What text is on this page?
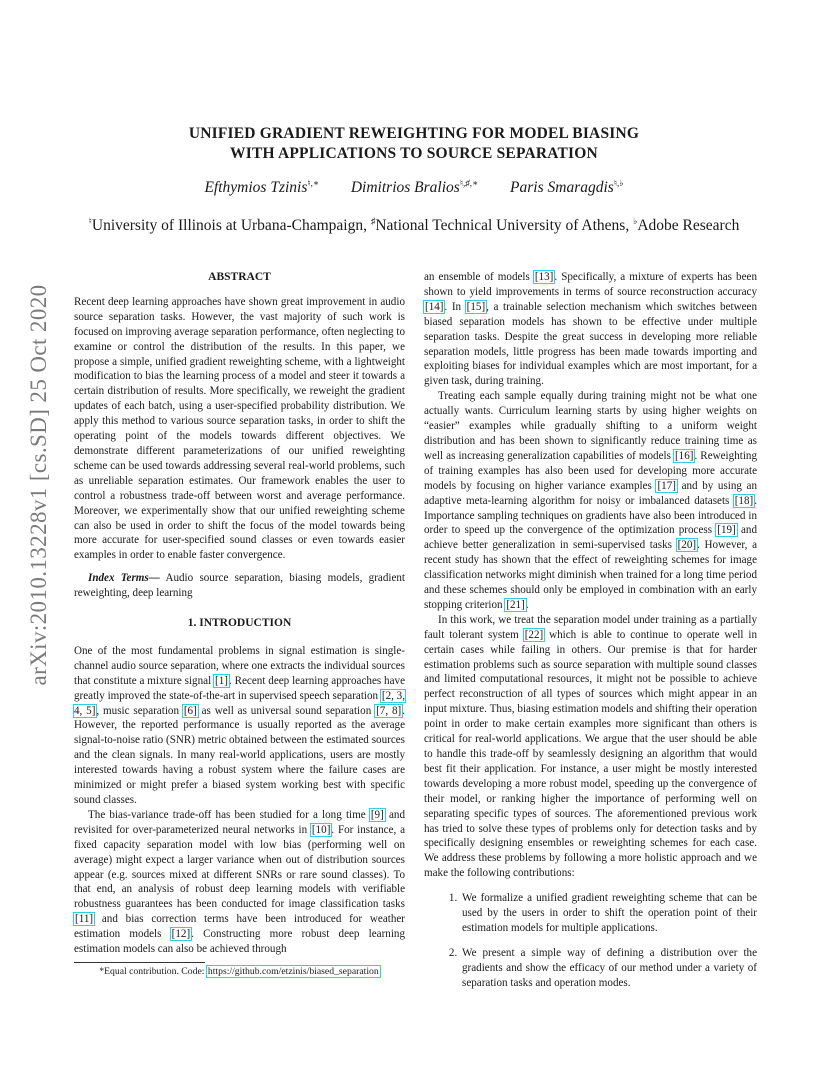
arXiv:2010.13228v1 [cs.SD] 25 Oct 2020
UNIFIED GRADIENT REWEIGHTING FOR MODEL BIASING
WITH APPLICATIONS TO SOURCE SEPARATION
Efthymios Tzinis♮,∗ Dimitrios Bralios♮,♯,∗ Paris Smaragdis♮,♭
♮University of Illinois at Urbana-Champaign, ♯National Technical University of Athens, ♭Adobe Research

ABSTRACT

Recent deep learning approaches have shown great improvement in audio source separation tasks. However, the vast majority of such work is focused on improving average separation performance, often neglecting to examine or control the distribution of the results. In this paper, we propose a simple, unified gradient reweighting scheme, with a lightweight modification to bias the learning process of a model and steer it towards a certain distribution of results. More specifically, we reweight the gradient updates of each batch, using a user-specified probability distribution. We apply this method to various source separation tasks, in order to shift the operating point of the models towards different objectives. We demonstrate different parameterizations of our unified reweighting scheme can be used towards addressing several real-world problems, such as unreliable separation estimates. Our framework enables the user to control a robustness trade-off between worst and average performance. Moreover, we experimentally show that our unified reweighting scheme can also be used in order to shift the focus of the model towards being more accurate for user-specified sound classes or even towards easier examples in order to enable faster convergence.

Index Terms— Audio source separation, biasing models, gradient reweighting, deep learning

1. INTRODUCTION

One of the most fundamental problems in signal estimation is single-channel audio source separation, where one extracts the individual sources that constitute a mixture signal [1]. Recent deep learning approaches have greatly improved the state-of-the-art in supervised speech separation [2, 3, 4, 5], music separation [6] as well as universal sound separation [7, 8]. However, the reported performance is usually reported as the average signal-to-noise ratio (SNR) metric obtained between the estimated sources and the clean signals. In many real-world applications, users are mostly interested towards having a robust system where the failure cases are minimized or might prefer a biased system working best with specific sound classes.

The bias-variance trade-off has been studied for a long time [9] and revisited for over-parameterized neural networks in [10]. For instance, a fixed capacity separation model with low bias (performing well on average) might expect a larger variance when out of distribution sources appear (e.g. sources mixed at different SNRs or rare sound classes). To that end, an analysis of robust deep learning models with verifiable robustness guarantees has been conducted for image classification tasks [11] and bias correction terms have been introduced for weather estimation models [12]. Constructing more robust deep learning estimation models can also be achieved through

an ensemble of models [13]. Specifically, a mixture of experts has been shown to yield improvements in terms of source reconstruction accuracy [14]. In [15], a trainable selection mechanism which switches between biased separation models has shown to be effective under multiple separation tasks. Despite the great success in developing more reliable separation models, little progress has been made towards importing and exploiting biases for individual examples which are most important, for a given task, during training.

Treating each sample equally during training might not be what one actually wants. Curriculum learning starts by using higher weights on “easier” examples while gradually shifting to a uniform weight distribution and has been shown to significantly reduce training time as well as increasing generalization capabilities of models [16]. Reweighting of training examples has also been used for developing more accurate models by focusing on higher variance examples [17] and by using an adaptive meta-learning algorithm for noisy or imbalanced datasets [18]. Importance sampling techniques on gradients have also been introduced in order to speed up the convergence of the optimization process [19] and achieve better generalization in semi-supervised tasks [20]. However, a recent study has shown that the effect of reweighting schemes for image classification networks might diminish when trained for a long time period and these schemes should only be employed in combination with an early stopping criterion [21].

In this work, we treat the separation model under training as a partially fault tolerant system [22] which is able to continue to operate well in certain cases while failing in others. Our premise is that for harder estimation problems such as source separation with multiple sound classes and limited computational resources, it might not be possible to achieve perfect reconstruction of all types of sources which might appear in an input mixture. Thus, biasing estimation models and shifting their operation point in order to make certain examples more significant than others is critical for real-world applications. We argue that the user should be able to handle this trade-off by seamlessly designing an algorithm that would best fit their application. For instance, a user might be mostly interested towards developing a more robust model, speeding up the convergence of their model, or ranking higher the importance of performing well on separating specific types of sources. The aforementioned previous work has tried to solve these types of problems only for detection tasks and by specifically designing ensembles or reweighting schemes for each case. We address these problems by following a more holistic approach and we make the following contributions:

1. We formalize a unified gradient reweighting scheme that can be used by the users in order to shift the operation point of their estimation models for multiple applications.
2. We present a simple way of defining a distribution over the gradients and show the efficacy of our method under a variety of separation tasks and operation modes.
*Equal contribution. Code: https://github.com/etzinis/biased_separation
